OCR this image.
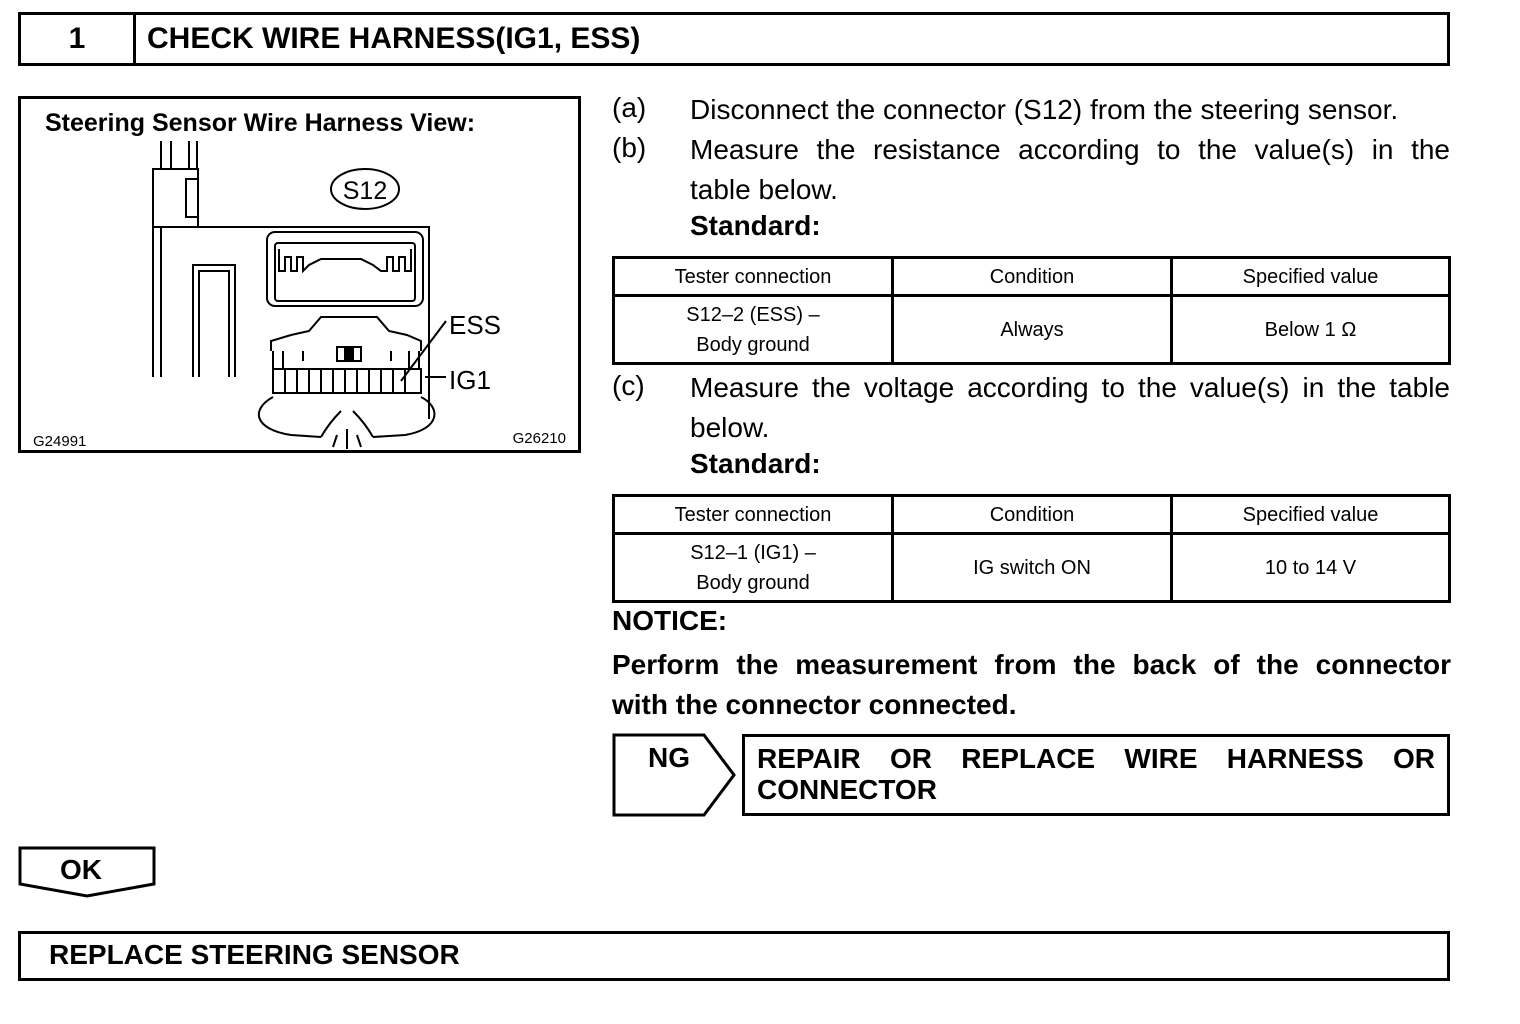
1	CHECK WIRE HARNESS(IG1, ESS)
Steering Sensor Wire Harness View:
S12
ESS
IG1
G24991	G26210
(a) Disconnect the connector (S12) from the steering sensor.
(b) Measure the resistance according to the value(s) in the
table below.
Standard:
Tester connection	Condition	Specified value

S12–2 (ESS) –
Body ground	Always	Below 1 Ω
(c) Measure the voltage according to the value(s) in the table
below.
Standard:
Tester connection	Condition	Specified value

S12–1 (IG1) –
Body ground	IG switch ON	10 to 14 V
NOTICE:
Perform the measurement from the back of the connector
with the connector connected.
NG REPAIR OR REPLACE WIRE HARNESS OR
CONNECTOR
OK
REPLACE STEERING SENSOR
